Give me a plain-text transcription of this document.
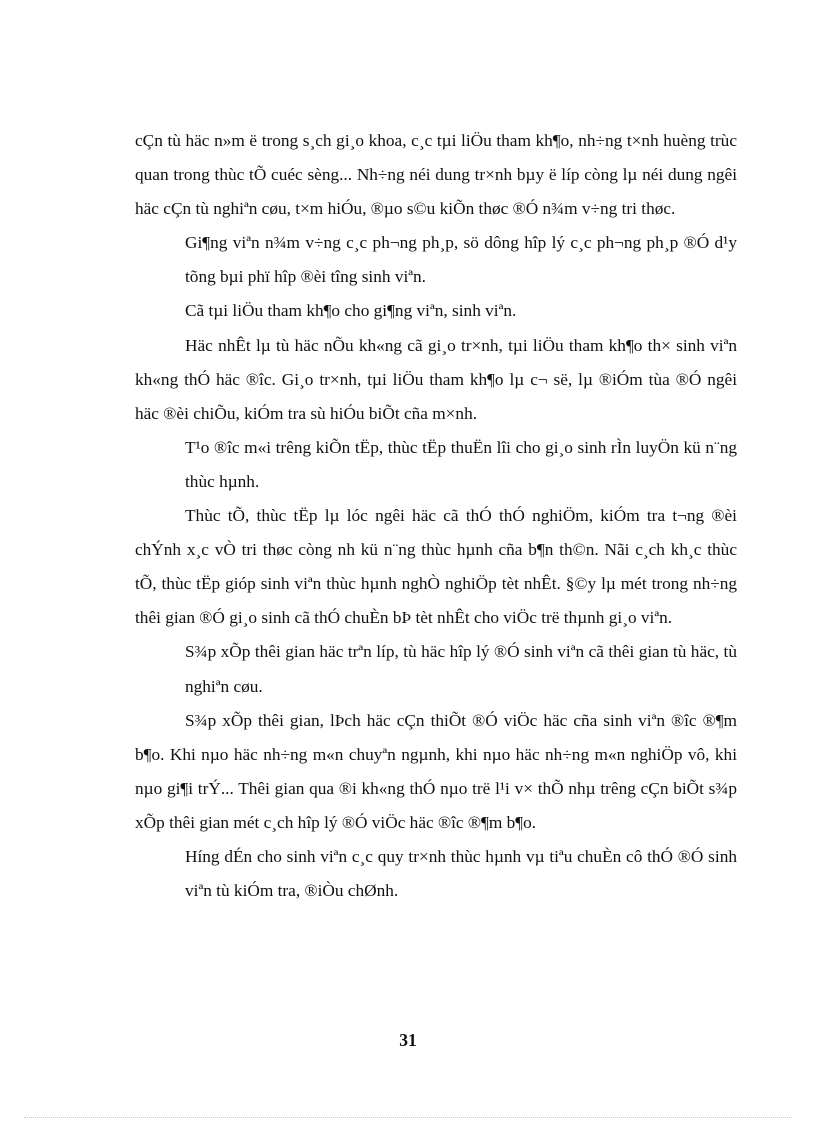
cÇn tù häc n»m ë trong s¸ch gi¸o khoa, c¸c tµi liÖu tham kh¶o, nh÷ng t×nh huèng trùc quan trong thùc tÕ cuéc sèng... Nh÷ng néi dung tr×nh bµy ë líp còng lµ néi dung ngêi häc cÇn tù nghiªn cøu, t×m hiÓu, ®µo s©u kiÕn thøc ®Ó n¾m v÷ng tri thøc.

Gi¶ng viªn n¾m v÷ng c¸c ph¬ng ph¸p, sö dông hîp lý c¸c ph¬ng ph¸p ®Ó d¹y tõng bµi phï hîp ®èi tîng sinh viªn.

Cã tµi liÖu tham kh¶o cho gi¶ng viªn, sinh viªn.

Häc nhÊt lµ tù häc nÕu kh«ng cã gi¸o tr×nh, tµi liÖu tham kh¶o th× sinh viªn kh«ng thÓ häc ®îc. Gi¸o tr×nh, tµi liÖu tham kh¶o lµ c¬ së, lµ ®iÓm tùa ®Ó ngêi häc ®èi chiÕu, kiÓm tra sù hiÓu biÕt cña m×nh.

T¹o ®îc m«i trêng kiÕn tËp, thùc tËp thuËn lîi cho gi¸o sinh rÌn luyÖn kü n¨ng thùc hµnh.

Thùc tÕ, thùc tËp lµ lóc ngêi häc cã thÓ thÓ nghiÖm, kiÓm tra t¬ng ®èi chÝnh x¸c vÒ tri thøc còng nh kü n¨ng thùc hµnh cña b¶n th©n. Nãi c¸ch kh¸c thùc tÕ, thùc tËp gióp sinh viªn thùc hµnh nghÒ nghiÖp tèt nhÊt. §©y lµ mét trong nh÷ng thêi gian ®Ó gi¸o sinh cã thÓ chuÈn bÞ tèt nhÊt cho viÖc trë thµnh gi¸o viªn.

S¾p xÕp thêi gian häc trªn líp, tù häc hîp lý ®Ó sinh viªn cã thêi gian tù häc, tù nghiªn cøu.

S¾p xÕp thêi gian, lÞch häc cÇn thiÕt ®Ó viÖc häc cña sinh viªn ®îc ®¶m b¶o. Khi nµo häc nh÷ng m«n chuyªn ngµnh, khi nµo häc nh÷ng m«n nghiÖp vô, khi nµo gi¶i trÝ... Thêi gian qua ®i kh«ng thÓ nµo trë l¹i v× thÕ nhµ trêng cÇn biÕt s¾p xÕp thêi gian mét c¸ch hîp lý ®Ó viÖc häc ®îc ®¶m b¶o.

Híng dÉn cho sinh viªn c¸c quy tr×nh thùc hµnh vµ tiªu chuÈn cô thÓ ®Ó sinh viªn tù kiÓm tra, ®iÒu chØnh.

31
